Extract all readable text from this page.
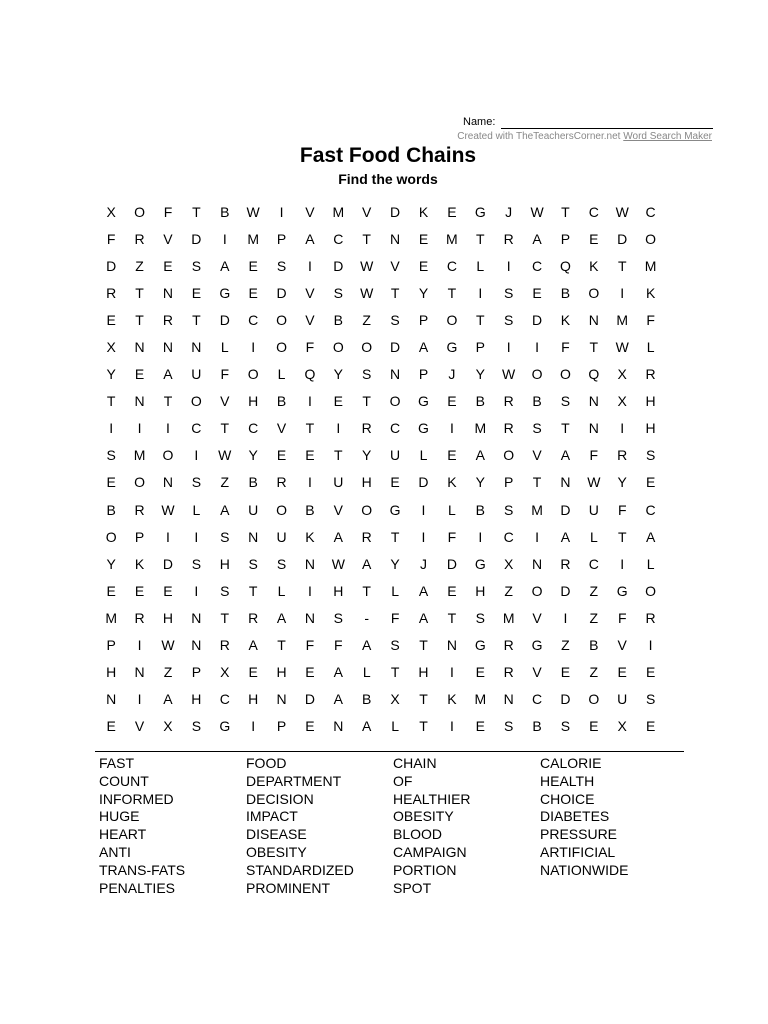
Name:
Created with TheTeachersCorner.net Word Search Maker
Fast Food Chains
Find the words
X	O	F	T	B	W	I	V	M	V	D	K	E	G	J	W	T	C	W	C
F	R	V	D	I	M	P	A	C	T	N	E	M	T	R	A	P	E	D	O
D	Z	E	S	A	E	S	I	D	W	V	E	C	L	I	C	Q	K	T	M
R	T	N	E	G	E	D	V	S	W	T	Y	T	I	S	E	B	O	I	K
E	T	R	T	D	C	O	V	B	Z	S	P	O	T	S	D	K	N	M	F
X	N	N	N	L	I	O	F	O	O	D	A	G	P	I	I	F	T	W	L
Y	E	A	U	F	O	L	Q	Y	S	N	P	J	Y	W	O	O	Q	X	R
T	N	T	O	V	H	B	I	E	T	O	G	E	B	R	B	S	N	X	H
I	I	I	C	T	C	V	T	I	R	C	G	I	M	R	S	T	N	I	H
S	M	O	I	W	Y	E	E	T	Y	U	L	E	A	O	V	A	F	R	S
E	O	N	S	Z	B	R	I	U	H	E	D	K	Y	P	T	N	W	Y	E
B	R	W	L	A	U	O	B	V	O	G	I	L	B	S	M	D	U	F	C
O	P	I	I	S	N	U	K	A	R	T	I	F	I	C	I	A	L	T	A
Y	K	D	S	H	S	S	N	W	A	Y	J	D	G	X	N	R	C	I	L
E	E	E	I	S	T	L	I	H	T	L	A	E	H	Z	O	D	Z	G	O
M	R	H	N	T	R	A	N	S	-	F	A	T	S	M	V	I	Z	F	R
P	I	W	N	R	A	T	F	F	A	S	T	N	G	R	G	Z	B	V	I
H	N	Z	P	X	E	H	E	A	L	T	H	I	E	R	V	E	Z	E	E
N	I	A	H	C	H	N	D	A	B	X	T	K	M	N	C	D	O	U	S
E	V	X	S	G	I	P	E	N	A	L	T	I	E	S	B	S	E	X	E
FAST	FOOD	CHAIN	CALORIE
COUNT	DEPARTMENT	OF	HEALTH
INFORMED	DECISION	HEALTHIER	CHOICE
HUGE	IMPACT	OBESITY	DIABETES
HEART	DISEASE	BLOOD	PRESSURE
ANTI	OBESITY	CAMPAIGN	ARTIFICIAL
TRANS-FATS	STANDARDIZED	PORTION	NATIONWIDE
PENALTIES	PROMINENT	SPOT
